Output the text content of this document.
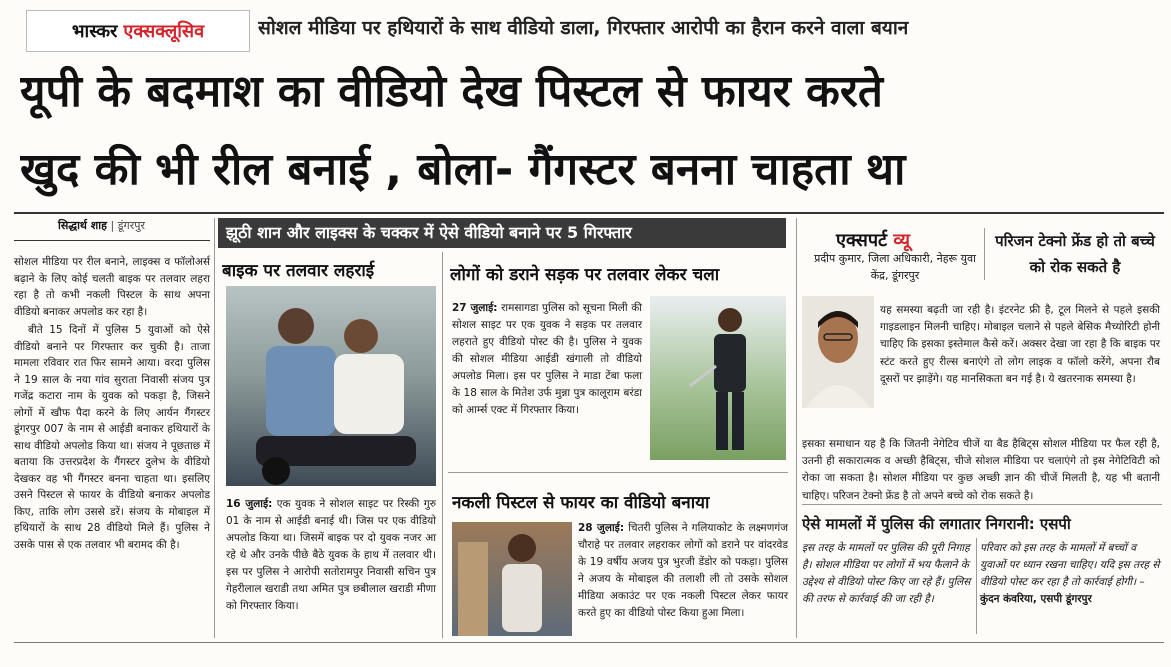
भास्कर एक्सक्लूसिव	सोशल मीडिया पर हथियारों के साथ वीडियो डाला, गिरफ्तार आरोपी का हैरान करने वाला बयान
यूपी के बदमाश का वीडियो देख पिस्टल से फायर करते
खुद की भी रील बनाई , बोला- गैंगस्टर बनना चाहता था
सिद्धार्थ शाह | डूंगरपुर

सोशल मीडिया पर रील बनाने, लाइक्स व फॉलोअर्स बढ़ाने के लिए कोई चलती बाइक पर तलवार लहरा रहा है तो कभी नकली पिस्टल के साथ अपना वीडियो बनाकर अपलोड कर रहा है।

बीते 15 दिनों में पुलिस 5 युवाओं को ऐसे वीडियो बनाने पर गिरफ्तार कर चुकी है। ताजा मामला रविवार रात फिर सामने आया। वरदा पुलिस ने 19 साल के नया गांव सुराता निवासी संजय पुत्र गजेंद्र कटारा नाम के युवक को पकड़ा है, जिसने लोगों में खौफ पैदा करने के लिए आर्यन गैंगस्टर डूंगरपुर 007 के नाम से आईडी बनाकर हथियारों के साथ वीडियो अपलोड किया था। संजय ने पूछताछ में बताया कि उत्तरप्रदेश के गैंगस्टर दुलेभ के वीडियो देखकर वह भी गैंगस्टर बनना चाहता था। इसलिए उसने पिस्टल से फायर के वीडियो बनाकर अपलोड किए, ताकि लोग उससे डरें। संजय के मोबाइल में हथियारों के साथ 28 वीडियो मिले हैं। पुलिस ने उसके पास से एक तलवार भी बरामद की है।

झूठी शान और लाइक्स के चक्कर में ऐसे वीडियो बनाने पर 5 गिरफ्तार
बाइक पर तलवार लहराई
16 जुलाई: एक युवक ने सोशल साइट पर रिस्की गुरु 01 के नाम से आईडी बनाई थी। जिस पर एक वीडियो अपलोड किया था। जिसमें बाइक पर दो युवक नजर आ रहे थे और उनके पीछे बैठे युवक के हाथ में तलवार थी। इस पर पुलिस ने आरोपी सतोरामपुर निवासी सचिन पुत्र गेहरीलाल खराडी तथा अमित पुत्र छबीलाल खराडी मीणा को गिरफ्तार किया।
लोगों को डराने सड़क पर तलवार लेकर चला
27 जुलाई: रामसागडा पुलिस को सूचना मिली की सोशल साइट पर एक युवक ने सड़क पर तलवार लहराते हुए वीडियो पोस्ट की है। पुलिस ने युवक की सोशल मीडिया आईडी खंगाली तो वीडियो अपलोड मिला। इस पर पुलिस ने माडा टेंबा फला के 18 साल के मितेश उर्फ मुन्ना पुत्र कालूराम बरंडा को आर्म्स एक्ट में गिरफ्तार किया।
नकली पिस्टल से फायर का वीडियो बनाया
28 जुलाई: चितरी पुलिस ने गलियाकोट के लक्ष्मणगंज चौराहे पर तलवार लहराकर लोगों को डराने पर वांदरवेड के 19 वर्षीय अजय पुत्र भुरजी डेंडोर को पकड़ा। पुलिस ने अजय के मोबाइल की तलाशी ली तो उसके सोशल मीडिया अकाउंट पर एक नकली पिस्टल लेकर फायर करते हुए का वीडियो पोस्ट किया हुआ मिला।
एक्सपर्ट व्यू
प्रदीप कुमार, जिला अधिकारी, नेहरू युवा केंद्र, डूंगरपुर
परिजन टेक्नो फ्रेंड हो तो बच्चे को रोक सकते है
यह समस्या बढ़ती जा रही है। इंटरनेट फ्री है, टूल मिलने से पहले इसकी गाइडलाइन मिलनी चाहिए। मोबाइल चलाने से पहले बेसिक मैच्योरिटी होनी चाहिए कि इसका इस्तेमाल कैसे करें। अक्सर देखा जा रहा है कि बाइक पर स्टंट करते हुए रील्स बनाएंगे तो लोग लाइक व फॉलो करेंगे, अपना रौब दूसरों पर झाड़ेंगे। यह मानसिकता बन गई है। ये खतरनाक समस्या है।
इसका समाधान यह है कि जितनी नेगेटिव चीजें या बैड हैबिट्स सोशल मीडिया पर फैल रही है, उतनी ही सकारात्मक व अच्छी हैबिट्स, चीजे सोशल मीडिया पर चलाएंगे तो इस नेगेटिविटी को रोका जा सकता है। सोशल मीडिया पर कुछ अच्छी ज्ञान की चीजें मिलती है, यह भी बतानी चाहिए। परिजन टेक्नो फ्रेंड है तो अपने बच्चे को रोक सकते है।
ऐसे मामलों में पुलिस की लगातार निगरानी: एसपी
इस तरह के मामलों पर पुलिस की पूरी निगाह है। सोशल मीडिया पर लोगों में भय फैलाने के उद्देश्य से वीडियो पोस्ट किए जा रहे हैं। पुलिस की तरफ से कार्रवाई की जा रही है।
परिवार को इस तरह के मामलों में बच्चों व युवाओं पर ध्यान रखना चाहिए। यदि इस तरह से वीडियो पोस्ट कर रहा है तो कार्रवाई होगी। – कुंदन कंवरिया, एसपी डूंगरपुर
